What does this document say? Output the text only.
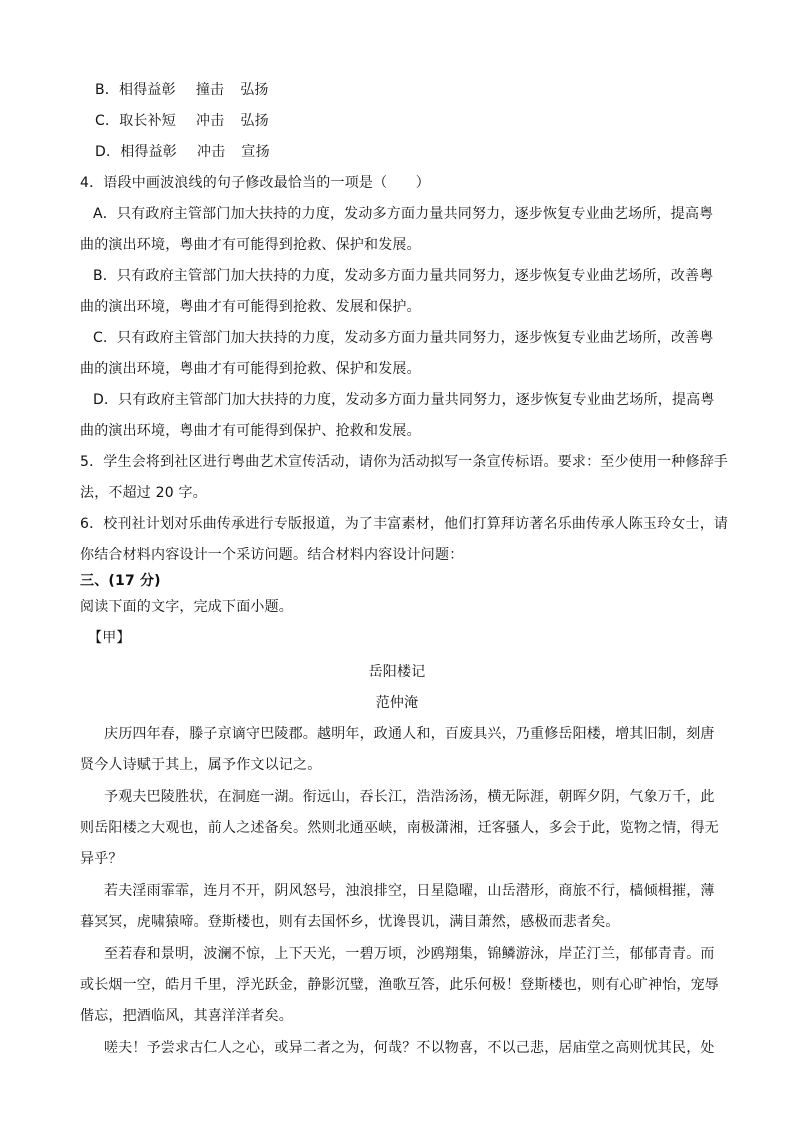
B．相得益彰 撞击 弘扬
C．取长补短 冲击 弘扬
D．相得益彰 冲击 宣扬
4．语段中画波浪线的句子修改最恰当的一项是（　　）
A．只有政府主管部门加大扶持的力度，发动多方面力量共同努力，逐步恢复专业曲艺场所，提高粤
曲的演出环境，粤曲才有可能得到抢救、保护和发展。
B．只有政府主管部门加大扶持的力度，发动多方面力量共同努力，逐步恢复专业曲艺场所，改善粤
曲的演出环境，粤曲才有可能得到抢救、发展和保护。
C．只有政府主管部门加大扶持的力度，发动多方面力量共同努力，逐步恢复专业曲艺场所，改善粤
曲的演出环境，粤曲才有可能得到抢救、保护和发展。
D．只有政府主管部门加大扶持的力度，发动多方面力量共同努力，逐步恢复专业曲艺场所，提高粤
曲的演出环境，粤曲才有可能得到保护、抢救和发展。
5．学生会将到社区进行粤曲艺术宣传活动，请你为活动拟写一条宣传标语。要求：至少使用一种修辞手
法，不超过 20 字。
6．校刊社计划对乐曲传承进行专版报道，为了丰富素材，他们打算拜访著名乐曲传承人陈玉玲女士，请
你结合材料内容设计一个采访问题。结合材料内容设计问题：
三、(17 分)
阅读下面的文字，完成下面小题。
【甲】
岳阳楼记
范仲淹
庆历四年春，滕子京谪守巴陵郡。越明年，政通人和，百废具兴，乃重修岳阳楼，增其旧制，刻唐
贤今人诗赋于其上，属予作文以记之。
予观夫巴陵胜状，在洞庭一湖。衔远山，吞长江，浩浩汤汤，横无际涯，朝晖夕阴，气象万千，此
则岳阳楼之大观也，前人之述备矣。然则北通巫峡，南极潇湘，迁客骚人，多会于此，览物之情，得无
异乎？
若夫淫雨霏霏，连月不开，阴风怒号，浊浪排空，日星隐曜，山岳潜形，商旅不行，樯倾楫摧，薄
暮冥冥，虎啸猿啼。登斯楼也，则有去国怀乡，忧谗畏讥，满目萧然，感极而悲者矣。
至若春和景明，波澜不惊，上下天光，一碧万顷，沙鸥翔集，锦鳞游泳，岸芷汀兰，郁郁青青。而
或长烟一空，皓月千里，浮光跃金，静影沉璧，渔歌互答，此乐何极！登斯楼也，则有心旷神怡，宠辱
偕忘，把酒临风，其喜洋洋者矣。
嗟夫！予尝求古仁人之心，或异二者之为，何哉？不以物喜，不以己悲，居庙堂之高则忧其民，处
